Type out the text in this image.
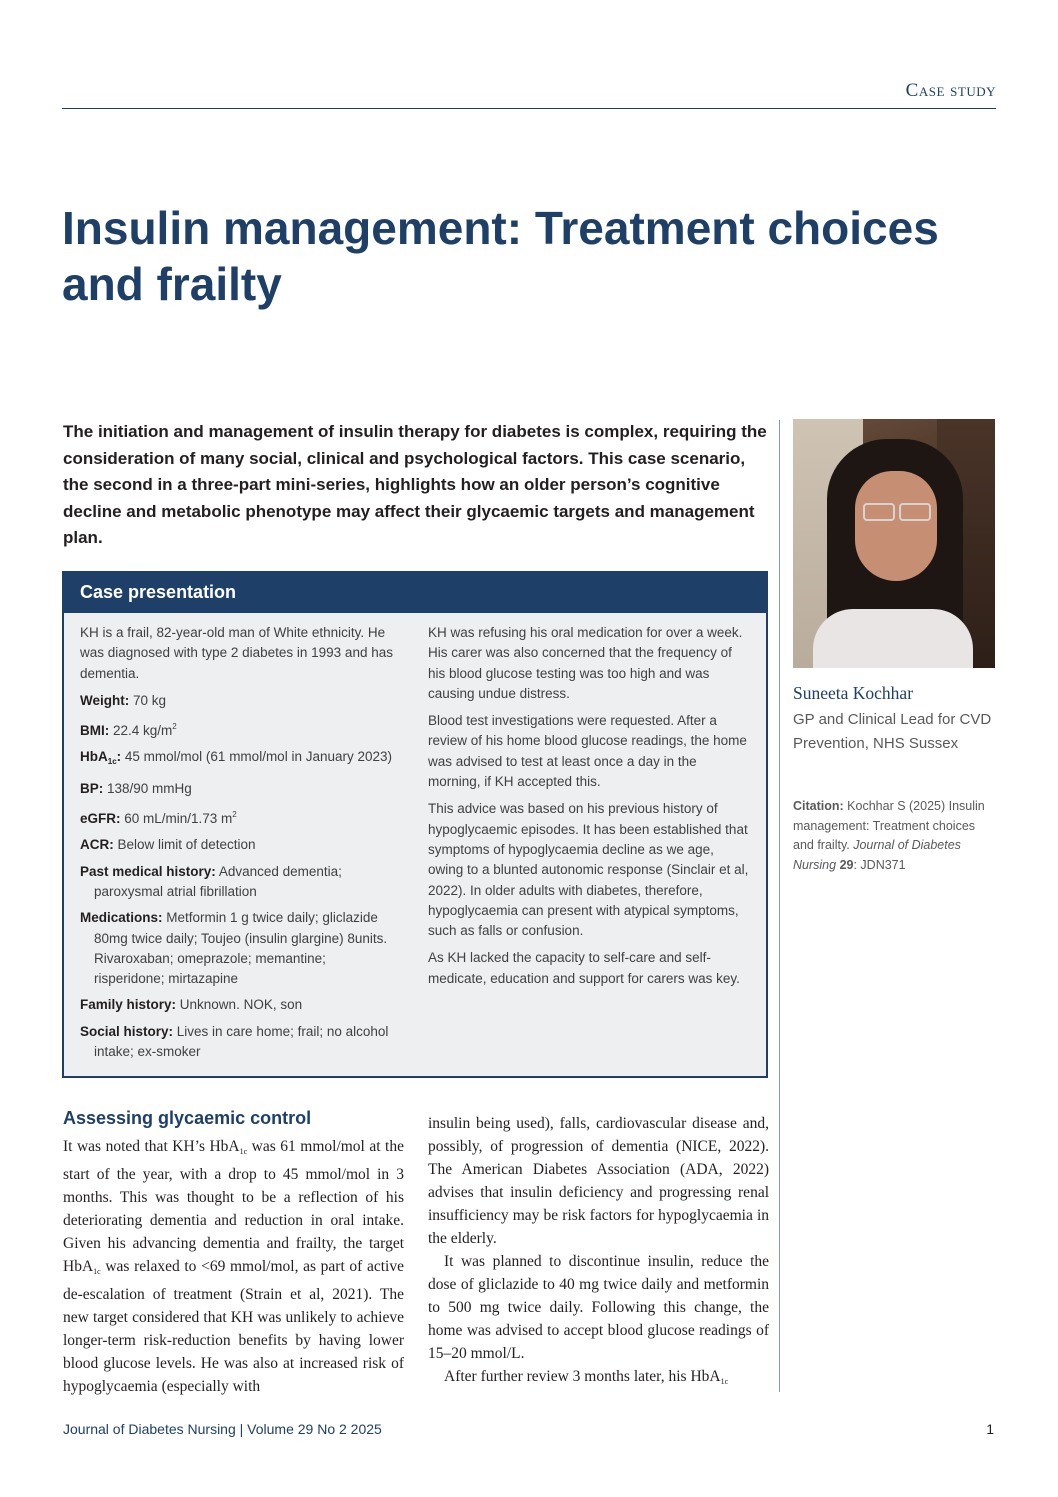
Case study

Insulin management: Treatment choices and frailty

The initiation and management of insulin therapy for diabetes is complex, requiring the consideration of many social, clinical and psychological factors. This case scenario, the second in a three-part mini-series, highlights how an older person’s cognitive decline and metabolic phenotype may affect their glycaemic targets and management plan.

Suneeta Kochhar

GP and Clinical Lead for CVD Prevention, NHS Sussex

Citation: Kochhar S (2025) Insulin management: Treatment choices and frailty. Journal of Diabetes Nursing 29: JDN371

Case presentation

KH is a frail, 82-year-old man of White ethnicity. He was diagnosed with type 2 diabetes in 1993 and has dementia.

Weight: 70 kg

BMI: 22.4 $kg/m^2$

HbA$_{1c}$: 45 mmol/mol (61 mmol/mol in January 2023)

BP: 138/90 mmHg

eGFR: 60 mL/min/1.73 $m^2$

ACR: Below limit of detection

Past medical history: Advanced dementia; paroxysmal atrial fibrillation

Medications: Metformin 1 g twice daily; gliclazide 80mg twice daily; Toujeo (insulin glargine) 8units. Rivaroxaban; omeprazole; memantine; risperidone; mirtazapine

Family history: Unknown. NOK, son

Social history: Lives in care home; frail; no alcohol intake; ex-smoker

KH was refusing his oral medication for over a week. His carer was also concerned that the frequency of his blood glucose testing was too high and was causing undue distress.

Blood test investigations were requested. After a review of his home blood glucose readings, the home was advised to test at least once a day in the morning, if KH accepted this.

This advice was based on his previous history of hypoglycaemic episodes. It has been established that symptoms of hypoglycaemia decline as we age, owing to a blunted autonomic response (Sinclair et al, 2022). In older adults with diabetes, therefore, hypoglycaemia can present with atypical symptoms, such as falls or confusion.

As KH lacked the capacity to self-care and self-medicate, education and support for carers was key.

Assessing glycaemic control

It was noted that KH’s HbA$_{1c}$ was 61 mmol/mol at the start of the year, with a drop to 45 mmol/mol in 3 months. This was thought to be a reflection of his deteriorating dementia and reduction in oral intake. Given his advancing dementia and frailty, the target HbA$_{1c}$ was relaxed to <69 mmol/mol, as part of active de-escalation of treatment (Strain et al, 2021). The new target considered that KH was unlikely to achieve longer-term risk-reduction benefits by having lower blood glucose levels. He was also at increased risk of hypoglycaemia (especially with

insulin being used), falls, cardiovascular disease and, possibly, of progression of dementia (NICE, 2022). The American Diabetes Association (ADA, 2022) advises that insulin deficiency and progressing renal insufficiency may be risk factors for hypoglycaemia in the elderly.

It was planned to discontinue insulin, reduce the dose of gliclazide to 40 mg twice daily and metformin to 500 mg twice daily. Following this change, the home was advised to accept blood glucose readings of 15–20 mmol/L.

After further review 3 months later, his HbA$_{1c}$

Journal of Diabetes Nursing | Volume 29 No 2 2025	1
